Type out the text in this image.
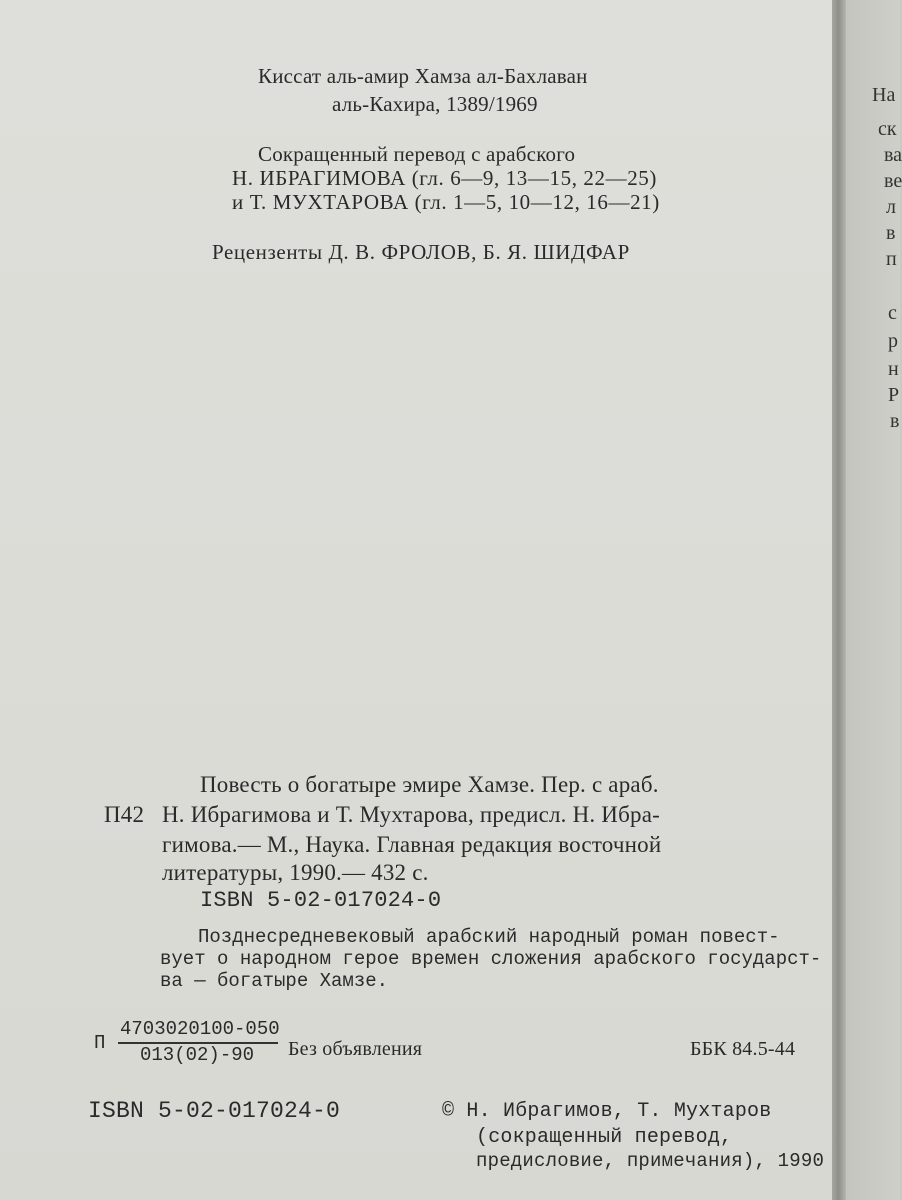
Киссат аль-амир Хамза ал-Бахлаван
аль-Кахира, 1389/1969
Сокращенный перевод с арабского
Н. ИБРАГИМОВА (гл. 6—9, 13—15, 22—25)
и Т. МУХТАРОВА (гл. 1—5, 10—12, 16—21)
Рецензенты Д. В. ФРОЛОВ, Б. Я. ШИДФАР
Повесть о богатыре эмире Хамзе. Пер. с араб.
П42 Н. Ибрагимова и Т. Мухтарова, предисл. Н. Ибра-
гимова.— М., Наука. Главная редакция восточной
литературы, 1990.— 432 с.
ISBN 5-02-017024-0
Позднесредневековый арабский народный роман повест-
вует о народном герое времен сложения арабского государст-
ва — богатыре Хамзе.
П
4703020100-050
013(02)-90 Без объявления	ББК 84.5-44
ISBN 5-02-017024-0	© Н. Ибрагимов, Т. Мухтаров
(сокращенный перевод,
предисловие, примечания), 1990
На
ск
ва
ве
л
в
п
с
р
н
Р
в
